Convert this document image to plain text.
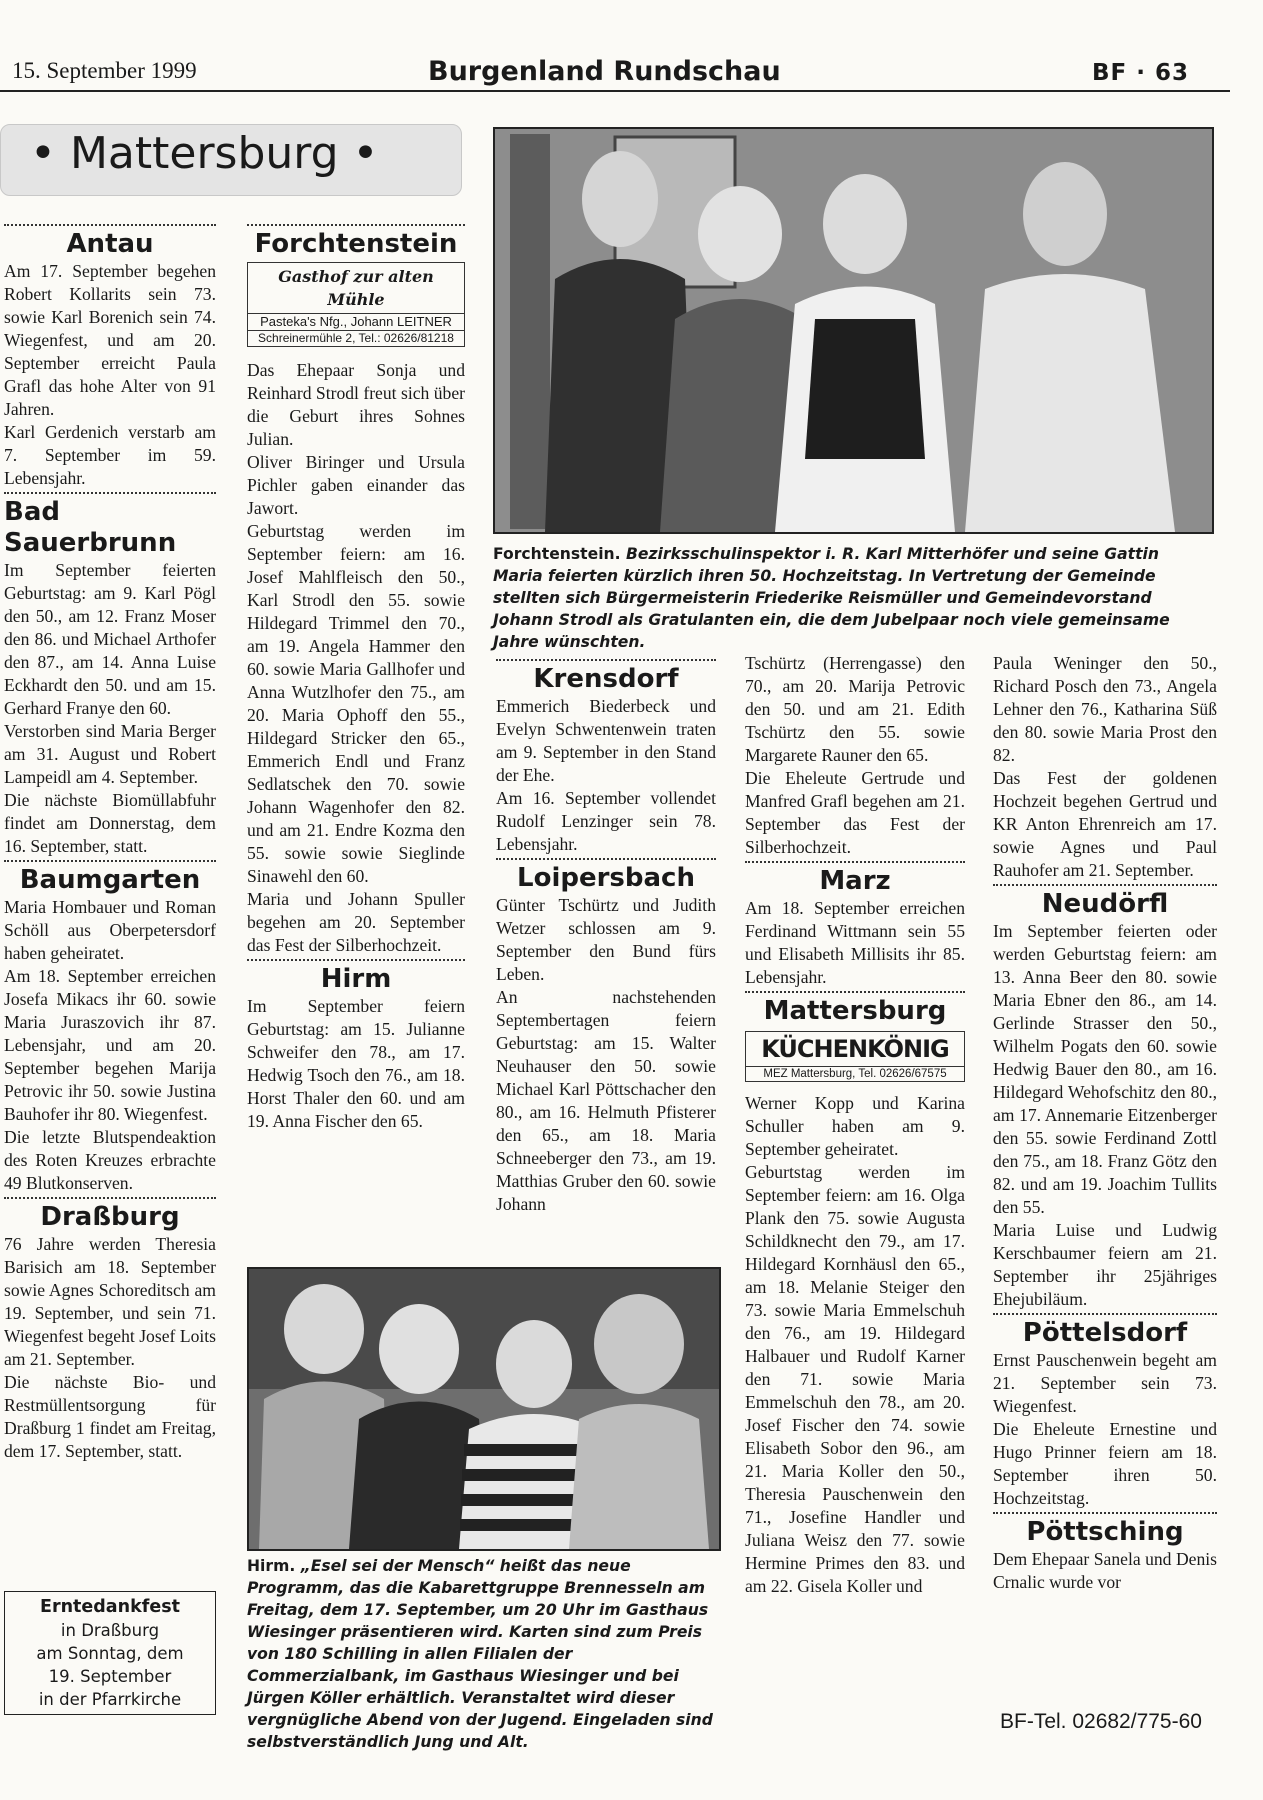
15. September 1999	Burgenland Rundschau	BF · 63
• Mattersburg •
Antau

Am 17. September begehen Robert Kollarits sein 73. sowie Karl Borenich sein 74. Wiegenfest, und am 20. September erreicht Paula Grafl das hohe Alter von 91 Jahren.

Karl Gerdenich verstarb am 7. September im 59. Lebensjahr.

Bad Sauerbrunn

Im September feierten Geburtstag: am 9. Karl Pögl den 50., am 12. Franz Moser den 86. und Michael Arthofer den 87., am 14. Anna Luise Eckhardt den 50. und am 15. Gerhard Franye den 60.

Verstorben sind Maria Berger am 31. August und Robert Lampeidl am 4. September.

Die nächste Biomüllabfuhr findet am Donnerstag, dem 16. September, statt.

Baumgarten

Maria Hombauer und Roman Schöll aus Oberpetersdorf haben geheiratet.

Am 18. September erreichen Josefa Mikacs ihr 60. sowie Maria Juraszovich ihr 87. Lebensjahr, und am 20. September begehen Marija Petrovic ihr 50. sowie Justina Bauhofer ihr 80. Wiegenfest.

Die letzte Blutspendeaktion des Roten Kreuzes erbrachte 49 Blutkonserven.

Draßburg

76 Jahre werden Theresia Barisich am 18. September sowie Agnes Schoreditsch am 19. September, und sein 71. Wiegenfest begeht Josef Loits am 21. September.

Die nächste Bio- und Restmüllentsorgung für Draßburg 1 findet am Freitag, dem 17. September, statt.

Erntedankfest
in Draßburg
am Sonntag, dem
19. September
in der Pfarrkirche
Forchtenstein
Gasthof zur alten Mühle
Pasteka's Nfg., Johann LEITNER
Schreinermühle 2, Tel.: 02626/81218

Das Ehepaar Sonja und Reinhard Strodl freut sich über die Geburt ihres Sohnes Julian.

Oliver Biringer und Ursula Pichler gaben einander das Jawort.

Geburtstag werden im September feiern: am 16. Josef Mahlfleisch den 50., Karl Strodl den 55. sowie Hildegard Trimmel den 70., am 19. Angela Hammer den 60. sowie Maria Gallhofer und Anna Wutzlhofer den 75., am 20. Maria Ophoff den 55., Hildegard Stricker den 65., Emmerich Endl und Franz Sedlatschek den 70. sowie Johann Wagenhofer den 82. und am 21. Endre Kozma den 55. sowie sowie Sieglinde Sinawehl den 60.

Maria und Johann Spuller begehen am 20. September das Fest der Silberhochzeit.

Hirm

Im September feiern Geburtstag: am 15. Julianne Schweifer den 78., am 17. Hedwig Tsoch den 76., am 18. Horst Thaler den 60. und am 19. Anna Fischer den 65.

Forchtenstein. Bezirksschulinspektor i. R. Karl Mitterhöfer und seine Gattin Maria feierten kürzlich ihren 50. Hochzeitstag. In Vertretung der Gemeinde stellten sich Bürgermeisterin Friederike Reismüller und Gemeindevorstand Johann Strodl als Gratulanten ein, die dem Jubelpaar noch viele gemeinsame Jahre wünschten.
Krensdorf

Emmerich Biederbeck und Evelyn Schwentenwein traten am 9. September in den Stand der Ehe.

Am 16. September vollendet Rudolf Lenzinger sein 78. Lebensjahr.

Loipersbach

Günter Tschürtz und Judith Wetzer schlossen am 9. September den Bund fürs Leben.

An nachstehenden Septembertagen feiern Geburtstag: am 15. Walter Neuhauser den 50. sowie Michael Karl Pöttschacher den 80., am 16. Helmuth Pfisterer den 65., am 18. Maria Schneeberger den 73., am 19. Matthias Gruber den 60. sowie Johann

Tschürtz (Herrengasse) den 70., am 20. Marija Petrovic den 50. und am 21. Edith Tschürtz den 55. sowie Margarete Rauner den 65.

Die Eheleute Gertrude und Manfred Grafl begehen am 21. September das Fest der Silberhochzeit.

Marz

Am 18. September erreichen Ferdinand Wittmann sein 55 und Elisabeth Millisits ihr 85. Lebensjahr.

Mattersburg
KÜCHENKÖNIG
MEZ Mattersburg, Tel. 02626/67575

Werner Kopp und Karina Schuller haben am 9. September geheiratet.

Geburtstag werden im September feiern: am 16. Olga Plank den 75. sowie Augusta Schildknecht den 79., am 17. Hildegard Kornhäusl den 65., am 18. Melanie Steiger den 73. sowie Maria Emmelschuh den 76., am 19. Hildegard Halbauer und Rudolf Karner den 71. sowie Maria Emmelschuh den 78., am 20. Josef Fischer den 74. sowie Elisabeth Sobor den 96., am 21. Maria Koller den 50., Theresia Pauschenwein den 71., Josefine Handler und Juliana Weisz den 77. sowie Hermine Primes den 83. und am 22. Gisela Koller und

Paula Weninger den 50., Richard Posch den 73., Angela Lehner den 76., Katharina Süß den 80. sowie Maria Prost den 82.

Das Fest der goldenen Hochzeit begehen Gertrud und KR Anton Ehrenreich am 17. sowie Agnes und Paul Rauhofer am 21. September.

Neudörfl

Im September feierten oder werden Geburtstag feiern: am 13. Anna Beer den 80. sowie Maria Ebner den 86., am 14. Gerlinde Strasser den 50., Wilhelm Pogats den 60. sowie Hedwig Bauer den 80., am 16. Hildegard Wehofschitz den 80., am 17. Annemarie Eitzenberger den 55. sowie Ferdinand Zottl den 75., am 18. Franz Götz den 82. und am 19. Joachim Tullits den 55.

Maria Luise und Ludwig Kerschbaumer feiern am 21. September ihr 25jähriges Ehejubiläum.

Pöttelsdorf

Ernst Pauschenwein begeht am 21. September sein 73. Wiegenfest.

Die Eheleute Ernestine und Hugo Prinner feiern am 18. September ihren 50. Hochzeitstag.

Pöttsching

Dem Ehepaar Sanela und Denis Crnalic wurde vor

Hirm. „Esel sei der Mensch“ heißt das neue Programm, das die Kabarettgruppe Brennesseln am Freitag, dem 17. September, um 20 Uhr im Gasthaus Wiesinger präsentieren wird. Karten sind zum Preis von 180 Schilling in allen Filialen der Commerzialbank, im Gasthaus Wiesinger und bei Jürgen Köller erhältlich. Veranstaltet wird dieser vergnügliche Abend von der Jugend. Eingeladen sind selbstverständlich Jung und Alt.
BF-Tel. 02682/775-60
